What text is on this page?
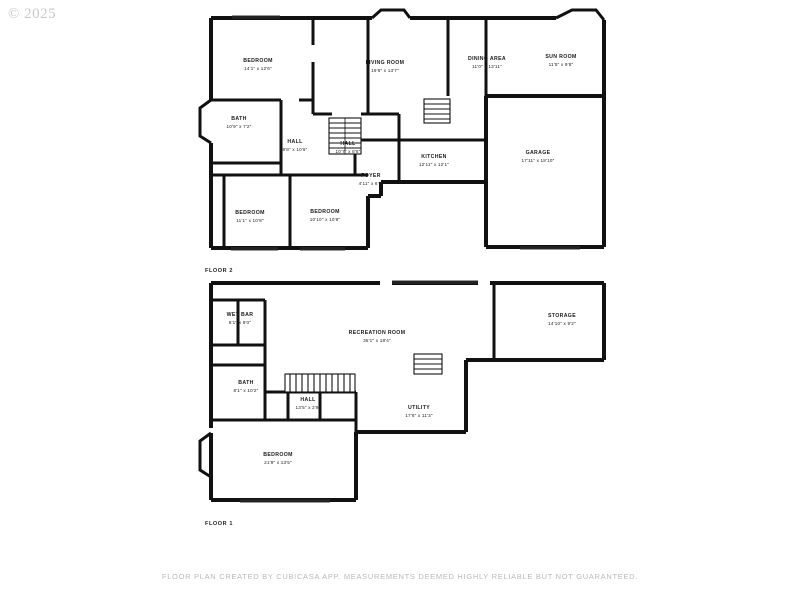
© 2025
BEDROOM
14'1" x 12'6"
LIVING ROOM
19'6" x 13'7"
DINING AREA
11'0" x 13'11"
SUN ROOM
11'5" x 9'8"
BATH
10'9" x 7'2"
HALL
8'8" x 10'6"
HALL
10'7" x 8'6"
KITCHEN
12'11" x 12'1"
GARAGE
17'11" x 18'10"
FOYER
4'11" x 6'0"
BEDROOM
11'1" x 10'8"
BEDROOM
10'10" x 10'8"
WET BAR
8'1" x 9'0"
RECREATION ROOM
35'1" x 18'4"
STORAGE
14'10" x 9'2"
BATH
8'1" x 10'2"
HALL
13'5" x 2'9"	UTILITY
17'6" x 11'3"
BEDROOM
21'9" x 13'5"
FLOOR 2
FLOOR 1
FLOOR PLAN CREATED BY CUBICASA APP. MEASUREMENTS DEEMED HIGHLY RELIABLE BUT NOT GUARANTEED.
